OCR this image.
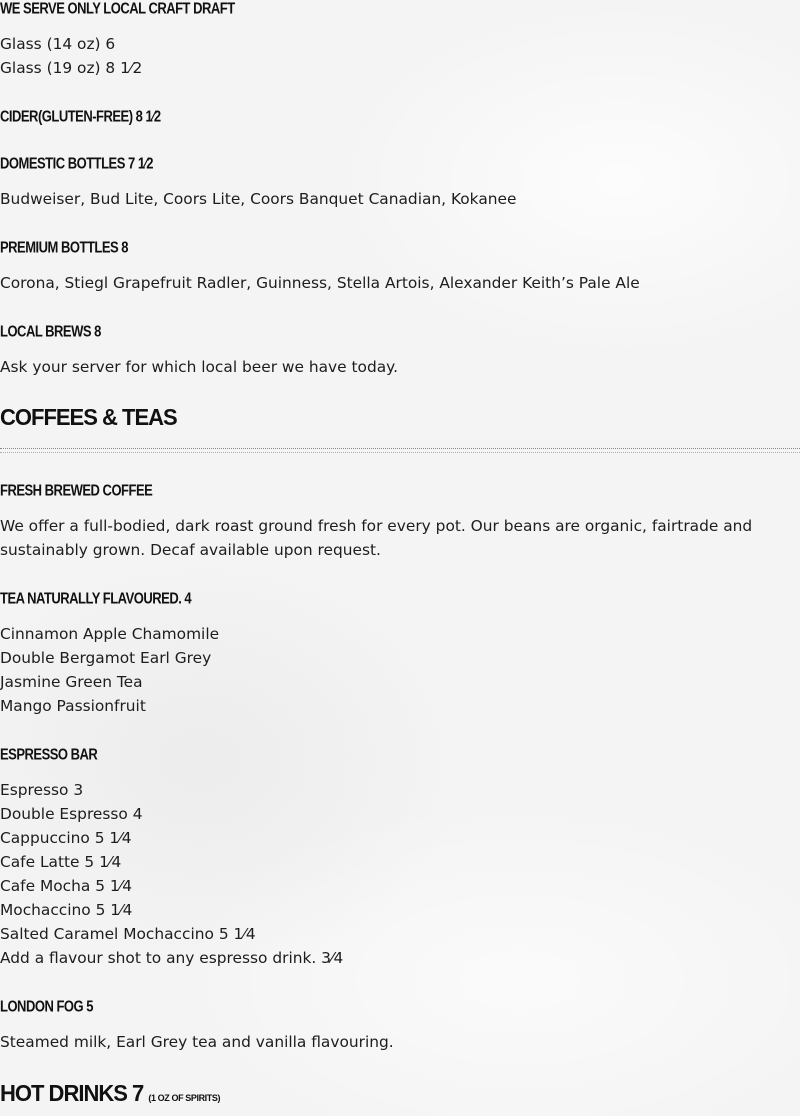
WE SERVE ONLY LOCAL CRAFT DRAFT
Glass (14 oz) 6
Glass (19 oz) 8 1⁄2
CIDER(GLUTEN-FREE) 8 1⁄2
DOMESTIC BOTTLES 7 1⁄2
Budweiser, Bud Lite, Coors Lite, Coors Banquet Canadian, Kokanee
PREMIUM BOTTLES 8
Corona, Stiegl Grapefruit Radler, Guinness, Stella Artois, Alexander Keith’s Pale Ale
LOCAL BREWS 8
Ask your server for which local beer we have today.
COFFEES & TEAS
FRESH BREWED COFFEE
We offer a full-bodied, dark roast ground fresh for every pot. Our beans are organic, fairtrade and sustainably grown. Decaf available upon request.
TEA NATURALLY FLAVOURED. 4
Cinnamon Apple Chamomile
Double Bergamot Earl Grey
Jasmine Green Tea
Mango Passionfruit
ESPRESSO BAR
Espresso 3
Double Espresso 4
Cappuccino 5 1⁄4
Cafe Latte 5 1⁄4
Cafe Mocha 5 1⁄4
Mochaccino 5 1⁄4
Salted Caramel Mochaccino 5 1⁄4
Add a flavour shot to any espresso drink. 3⁄4
LONDON FOG 5
Steamed milk, Earl Grey tea and vanilla flavouring.
HOT DRINKS 7 (1 OZ OF SPIRITS)
